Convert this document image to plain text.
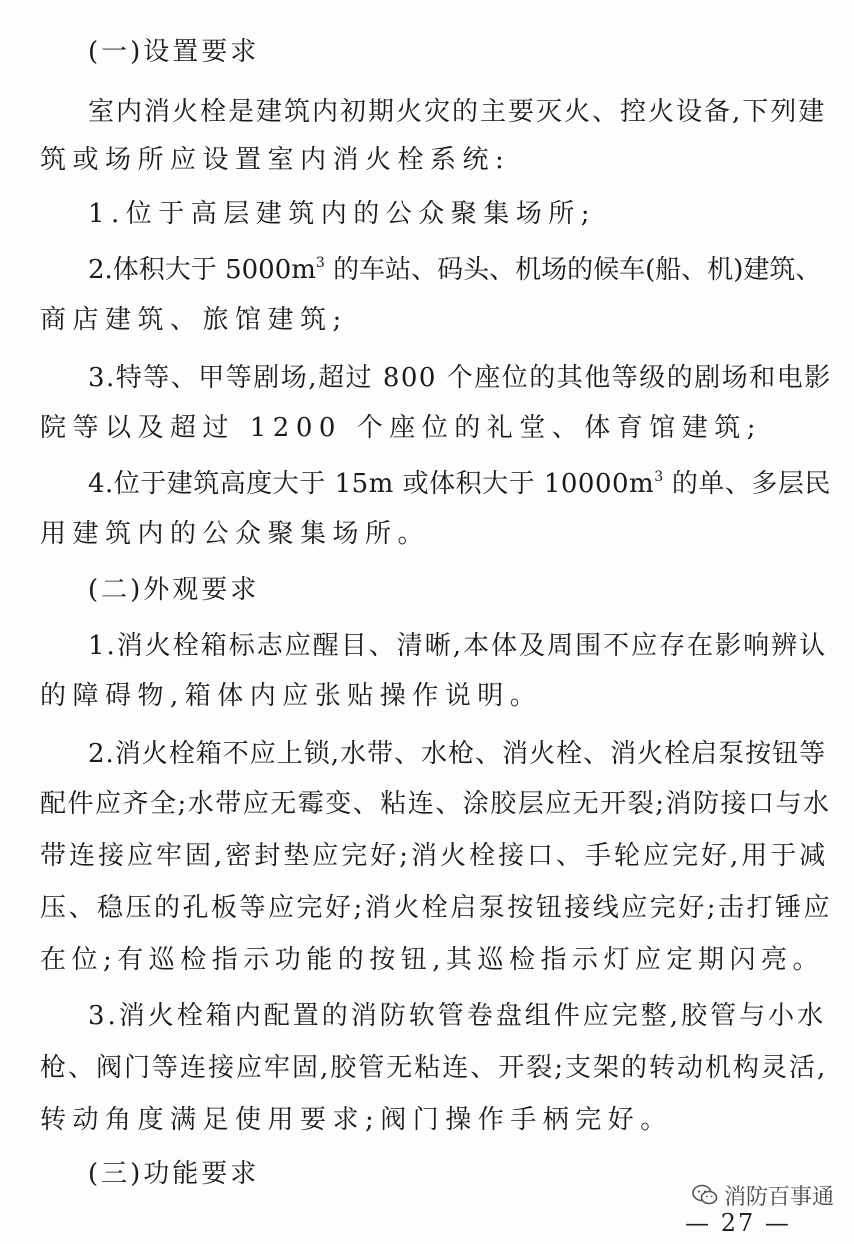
(一)设置要求
室内消火栓是建筑内初期火灾的主要灭火、控火设备,下列建
筑或场所应设置室内消火栓系统:
1.位于高层建筑内的公众聚集场所;
2.体积大于 $5000m^3$ 的车站、码头、机场的候车(船、机)建筑、
商店建筑、旅馆建筑;
3.特等、甲等剧场,超过 800 个座位的其他等级的剧场和电影
院等以及超过 1200 个座位的礼堂、体育馆建筑;
4.位于建筑高度大于 15m 或体积大于 $10000m^3$ 的单、多层民
用建筑内的公众聚集场所。
(二)外观要求
1.消火栓箱标志应醒目、清晰,本体及周围不应存在影响辨认
的障碍物,箱体内应张贴操作说明。
2.消火栓箱不应上锁,水带、水枪、消火栓、消火栓启泵按钮等
配件应齐全;水带应无霉变、粘连、涂胶层应无开裂;消防接口与水
带连接应牢固,密封垫应完好;消火栓接口、手轮应完好,用于减
压、稳压的孔板等应完好;消火栓启泵按钮接线应完好;击打锤应
在位;有巡检指示功能的按钮,其巡检指示灯应定期闪亮。
3.消火栓箱内配置的消防软管卷盘组件应完整,胶管与小水
枪、阀门等连接应牢固,胶管无粘连、开裂;支架的转动机构灵活,
转动角度满足使用要求;阀门操作手柄完好。
(三)功能要求
消防百事通
— 27 —
